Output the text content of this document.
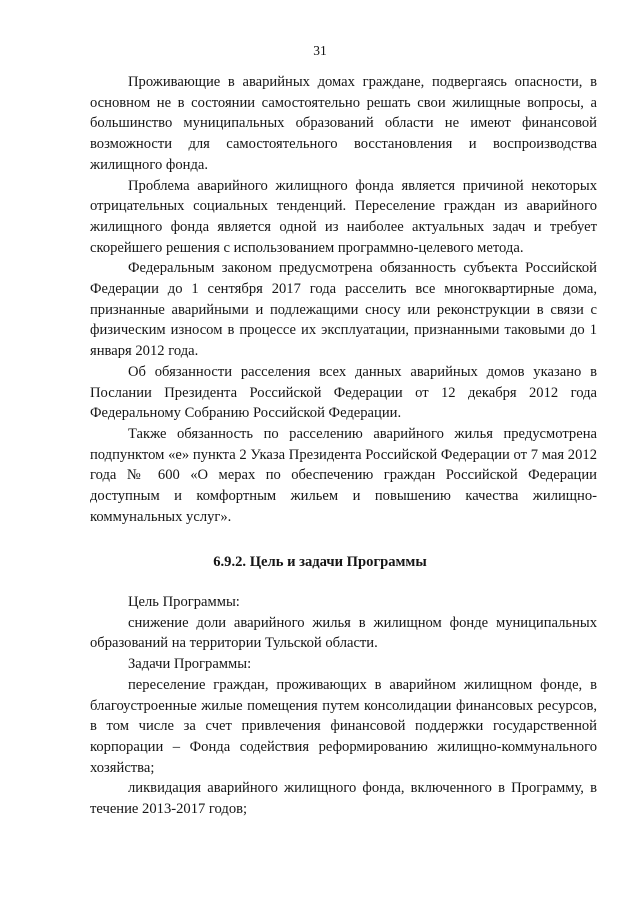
31

Проживающие в аварийных домах граждане, подвергаясь опасности, в основном не в состоянии самостоятельно решать свои жилищные вопросы, а большинство муниципальных образований области не имеют финансовой возможности для самостоятельного восстановления и воспроизводства жилищного фонда.

Проблема аварийного жилищного фонда является причиной некоторых отрицательных социальных тенденций. Переселение граждан из аварийного жилищного фонда является одной из наиболее актуальных задач и требует скорейшего решения с использованием программно-целевого метода.

Федеральным законом предусмотрена обязанность субъекта Российской Федерации до 1 сентября 2017 года расселить все многоквартирные дома, признанные аварийными и подлежащими сносу или реконструкции в связи с физическим износом в процессе их эксплуатации, признанными таковыми до 1 января 2012 года.

Об обязанности расселения всех данных аварийных домов указано в Послании Президента Российской Федерации от 12 декабря 2012 года Федеральному Собранию Российской Федерации.

Также обязанность по расселению аварийного жилья предусмотрена подпунктом «е» пункта 2 Указа Президента Российской Федерации от 7 мая 2012 года № 600 «О мерах по обеспечению граждан Российской Федерации доступным и комфортным жильем и повышению качества жилищно-коммунальных услуг».

6.9.2. Цель и задачи Программы

Цель Программы:

снижение доли аварийного жилья в жилищном фонде муниципальных образований на территории Тульской области.

Задачи Программы:

переселение граждан, проживающих в аварийном жилищном фонде, в благоустроенные жилые помещения путем консолидации финансовых ресурсов, в том числе за счет привлечения финансовой поддержки государственной корпорации – Фонда содействия реформированию жилищно-коммунального хозяйства;

ликвидация аварийного жилищного фонда, включенного в Программу, в течение 2013-2017 годов;
